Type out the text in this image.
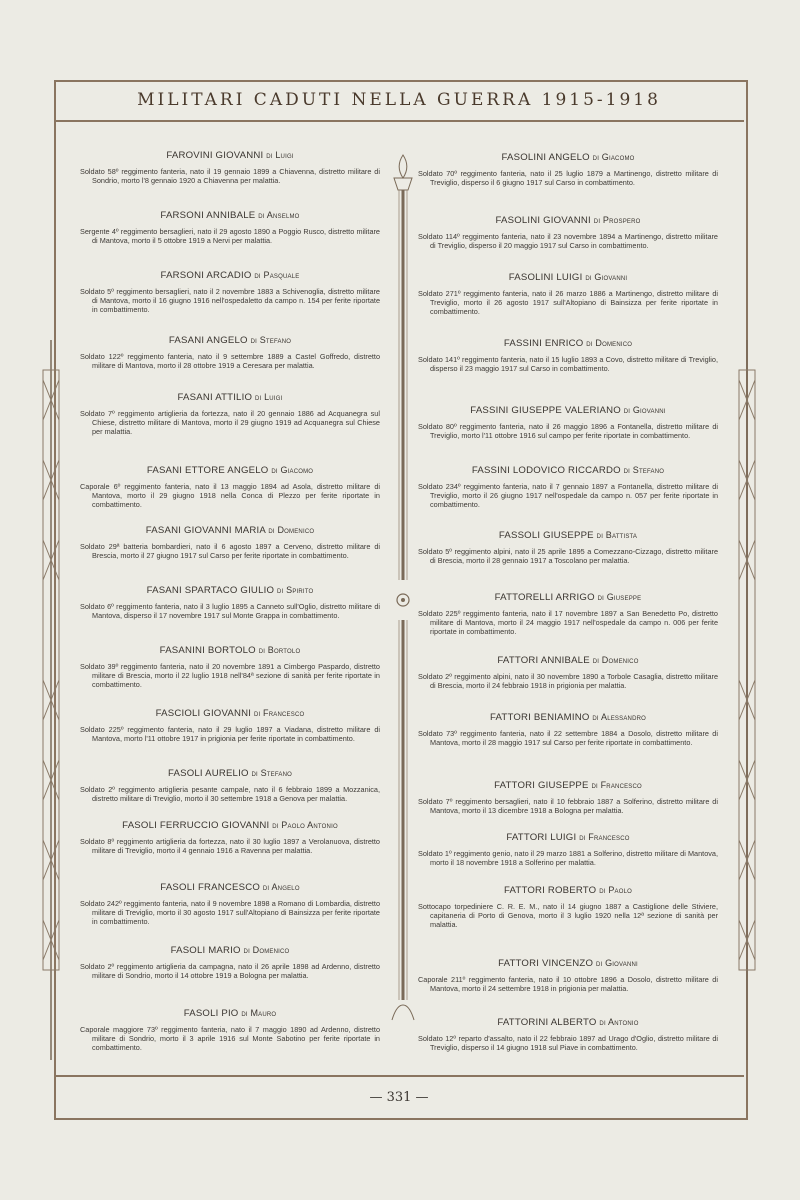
MILITARI CADUTI NELLA GUERRA 1915-1918
FAROVINI GIOVANNI di Luigi
Soldato 58º reggimento fanteria, nato il 19 gennaio 1899 a Chiavenna, distretto militare di Sondrio, morto l'8 gennaio 1920 a Chiavenna per malattia.
FARSONI ANNIBALE di Anselmo
Sergente 4º reggimento bersaglieri, nato il 29 agosto 1890 a Poggio Rusco, distretto militare di Mantova, morto il 5 ottobre 1919 a Nervi per malattia.
FARSONI ARCADIO di Pasquale
Soldato 5º reggimento bersaglieri, nato il 2 novembre 1883 a Schivenoglia, distretto militare di Mantova, morto il 16 giugno 1916 nell'ospedaletto da campo n. 154 per ferite riportate in combattimento.
FASANI ANGELO di Stefano
Soldato 122º reggimento fanteria, nato il 9 settembre 1889 a Castel Goffredo, distretto militare di Mantova, morto il 28 ottobre 1919 a Ceresara per malattia.
FASANI ATTILIO di Luigi
Soldato 7º reggimento artiglieria da fortezza, nato il 20 gennaio 1886 ad Acquanegra sul Chiese, distretto militare di Mantova, morto il 29 giugno 1919 ad Acquanegra sul Chiese per malattia.
FASANI ETTORE ANGELO di Giacomo
Caporale 6º reggimento fanteria, nato il 13 maggio 1894 ad Asola, distretto militare di Mantova, morto il 29 giugno 1918 nella Conca di Plezzo per ferite riportate in combattimento.
FASANI GIOVANNI MARIA di Domenico
Soldato 29ª batteria bombardieri, nato il 6 agosto 1897 a Cerveno, distretto militare di Brescia, morto il 27 giugno 1917 sul Carso per ferite riportate in combattimento.
FASANI SPARTACO GIULIO di Spirito
Soldato 6º reggimento fanteria, nato il 3 luglio 1895 a Canneto sull'Oglio, distretto militare di Mantova, disperso il 17 novembre 1917 sul Monte Grappa in combattimento.
FASANINI BORTOLO di Bortolo
Soldato 39º reggimento fanteria, nato il 20 novembre 1891 a Cimbergo Paspardo, distretto militare di Brescia, morto il 22 luglio 1918 nell'84ª sezione di sanità per ferite riportate in combattimento.
FASCIOLI GIOVANNI di Francesco
Soldato 225º reggimento fanteria, nato il 29 luglio 1897 a Viadana, distretto militare di Mantova, morto l'11 ottobre 1917 in prigionia per ferite riportate in combattimento.
FASOLI AURELIO di Stefano
Soldato 2º reggimento artiglieria pesante campale, nato il 6 febbraio 1899 a Mozzanica, distretto militare di Treviglio, morto il 30 settembre 1918 a Genova per malattia.
FASOLI FERRUCCIO GIOVANNI di Paolo Antonio
Soldato 8º reggimento artiglieria da fortezza, nato il 30 luglio 1897 a Verolanuova, distretto militare di Treviglio, morto il 4 gennaio 1916 a Ravenna per malattia.
FASOLI FRANCESCO di Angelo
Soldato 242º reggimento fanteria, nato il 9 novembre 1898 a Romano di Lombardia, distretto militare di Treviglio, morto il 30 agosto 1917 sull'Altopiano di Bainsizza per ferite riportate in combattimento.
FASOLI MARIO di Domenico
Soldato 2º reggimento artiglieria da campagna, nato il 26 aprile 1898 ad Ardenno, distretto militare di Sondrio, morto il 14 ottobre 1919 a Bologna per malattia.
FASOLI PIO di Mauro
Caporale maggiore 73º reggimento fanteria, nato il 7 maggio 1890 ad Ardenno, distretto militare di Sondrio, morto il 3 aprile 1916 sul Monte Sabotino per ferite riportate in combattimento.
FASOLINI ANGELO di Giacomo
Soldato 70º reggimento fanteria, nato il 25 luglio 1879 a Martinengo, distretto militare di Treviglio, disperso il 6 giugno 1917 sul Carso in combattimento.
FASOLINI GIOVANNI di Prospero
Soldato 114º reggimento fanteria, nato il 23 novembre 1894 a Martinengo, distretto militare di Treviglio, disperso il 20 maggio 1917 sul Carso in combattimento.
FASOLINI LUIGI di Giovanni
Soldato 271º reggimento fanteria, nato il 26 marzo 1886 a Martinengo, distretto militare di Treviglio, morto il 26 agosto 1917 sull'Altopiano di Bainsizza per ferite riportate in combattimento.
FASSINI ENRICO di Domenico
Soldato 141º reggimento fanteria, nato il 15 luglio 1893 a Covo, distretto militare di Treviglio, disperso il 23 maggio 1917 sul Carso in combattimento.
FASSINI GIUSEPPE VALERIANO di Giovanni
Soldato 80º reggimento fanteria, nato il 26 maggio 1896 a Fontanella, distretto militare di Treviglio, morto l'11 ottobre 1916 sul campo per ferite riportate in combattimento.
FASSINI LODOVICO RICCARDO di Stefano
Soldato 234º reggimento fanteria, nato il 7 gennaio 1897 a Fontanella, distretto militare di Treviglio, morto il 26 giugno 1917 nell'ospedale da campo n. 057 per ferite riportate in combattimento.
FASSOLI GIUSEPPE di Battista
Soldato 5º reggimento alpini, nato il 25 aprile 1895 a Comezzano-Cizzago, distretto militare di Brescia, morto il 28 gennaio 1917 a Toscolano per malattia.
FATTORELLI ARRIGO di Giuseppe
Soldato 225º reggimento fanteria, nato il 17 novembre 1897 a San Benedetto Po, distretto militare di Mantova, morto il 24 maggio 1917 nell'ospedale da campo n. 006 per ferite riportate in combattimento.
FATTORI ANNIBALE di Domenico
Soldato 2º reggimento alpini, nato il 30 novembre 1890 a Torbole Casaglia, distretto militare di Brescia, morto il 24 febbraio 1918 in prigionia per malattia.
FATTORI BENIAMINO di Alessandro
Soldato 73º reggimento fanteria, nato il 22 settembre 1884 a Dosolo, distretto militare di Mantova, morto il 28 maggio 1917 sul Carso per ferite riportate in combattimento.
FATTORI GIUSEPPE di Francesco
Soldato 7º reggimento bersaglieri, nato il 10 febbraio 1887 a Solferino, distretto militare di Mantova, morto il 13 dicembre 1918 a Bologna per malattia.
FATTORI LUIGI di Francesco
Soldato 1º reggimento genio, nato il 29 marzo 1881 a Solferino, distretto militare di Mantova, morto il 18 novembre 1918 a Solferino per malattia.
FATTORI ROBERTO di Paolo
Sottocapo torpediniere C. R. E. M., nato il 14 giugno 1887 a Castiglione delle Stiviere, capitaneria di Porto di Genova, morto il 3 luglio 1920 nella 12ª sezione di sanità per malattia.
FATTORI VINCENZO di Giovanni
Caporale 211º reggimento fanteria, nato il 10 ottobre 1896 a Dosolo, distretto militare di Mantova, morto il 24 settembre 1918 in prigionia per malattia.
FATTORINI ALBERTO di Antonio
Soldato 12º reparto d'assalto, nato il 22 febbraio 1897 ad Urago d'Oglio, distretto militare di Treviglio, disperso il 14 giugno 1918 sul Piave in combattimento.
— 331 —
